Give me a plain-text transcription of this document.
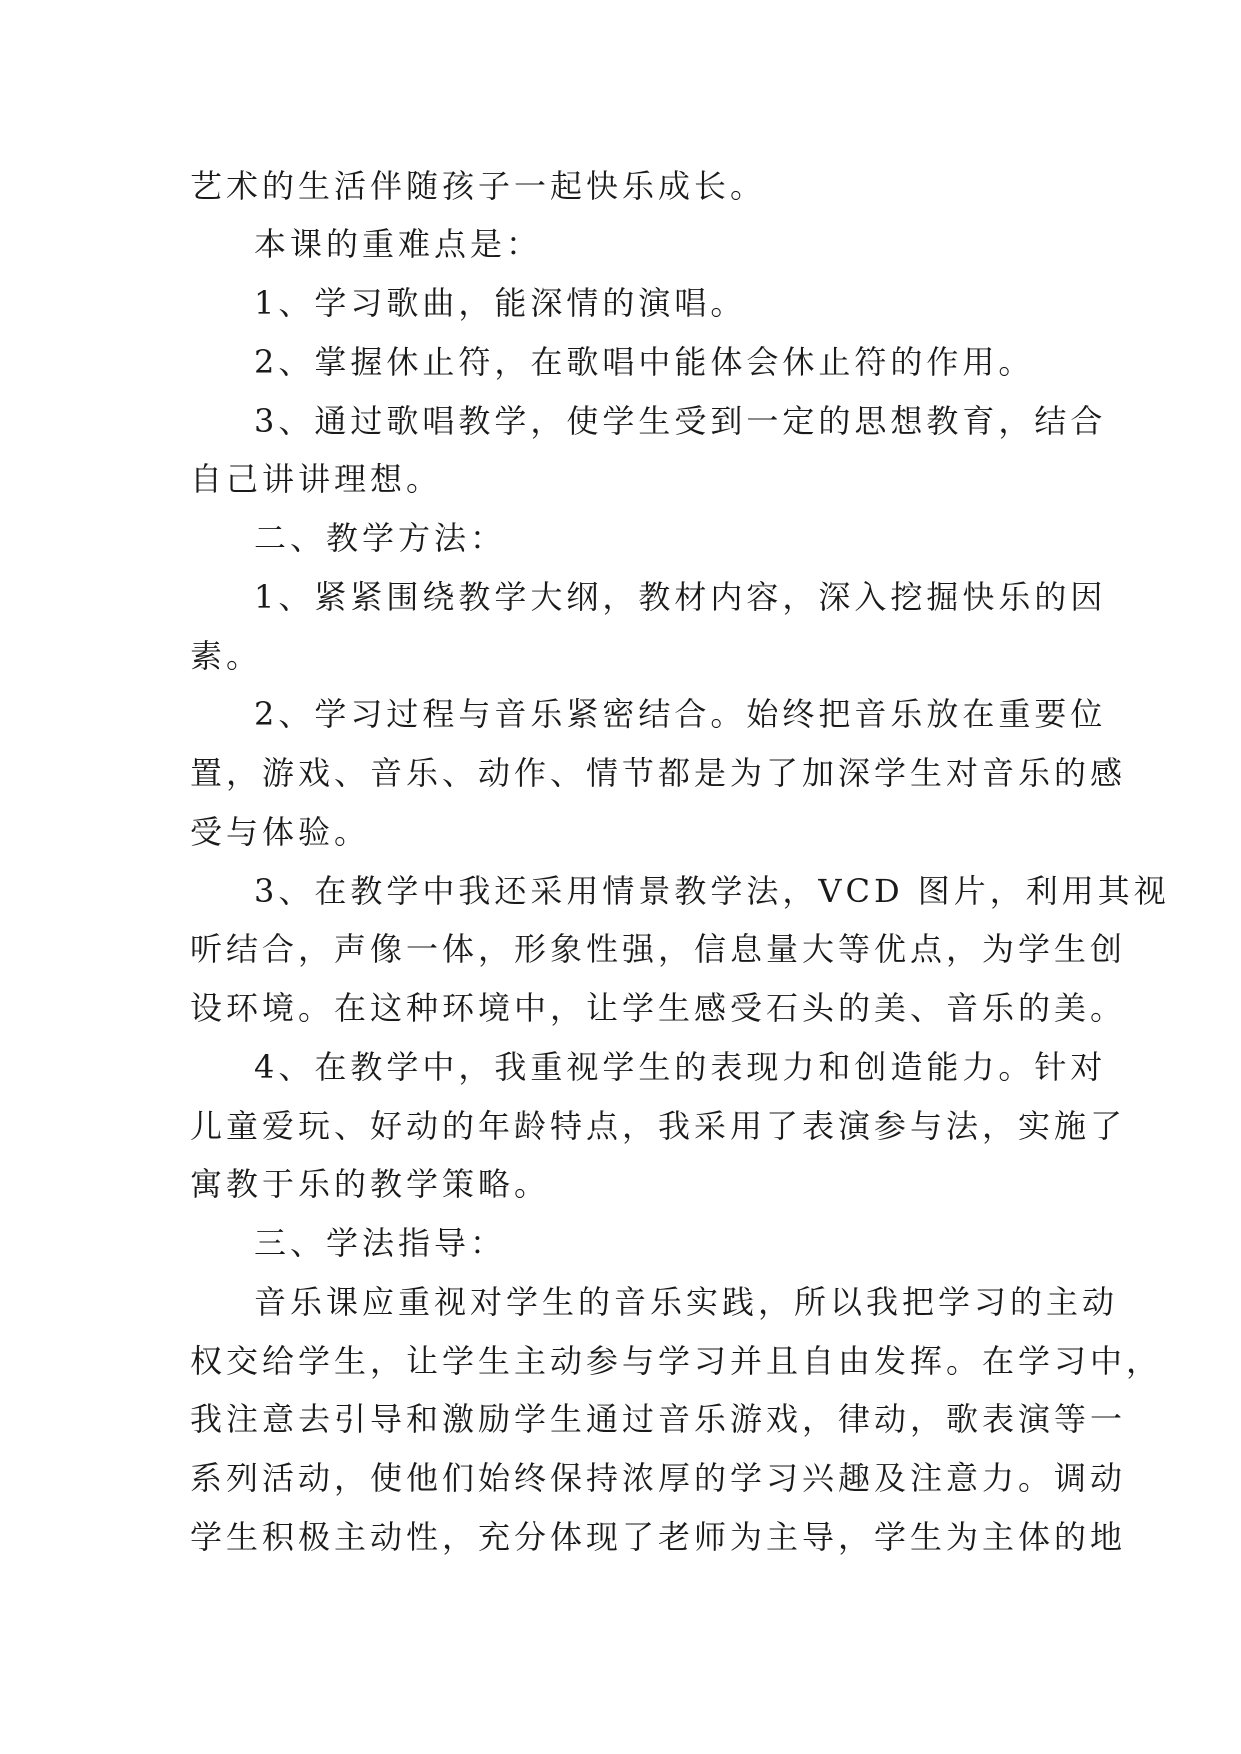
艺术的生活伴随孩子一起快乐成长。
本课的重难点是：
1、学习歌曲，能深情的演唱。
2、掌握休止符，在歌唱中能体会休止符的作用。
3、通过歌唱教学，使学生受到一定的思想教育，结合
自己讲讲理想。
二、教学方法：
1、紧紧围绕教学大纲，教材内容，深入挖掘快乐的因
素。
2、学习过程与音乐紧密结合。始终把音乐放在重要位
置，游戏、音乐、动作、情节都是为了加深学生对音乐的感
受与体验。
3、在教学中我还采用情景教学法，VCD 图片，利用其视
听结合，声像一体，形象性强，信息量大等优点，为学生创
设环境。在这种环境中，让学生感受石头的美、音乐的美。
4、在教学中，我重视学生的表现力和创造能力。针对
儿童爱玩、好动的年龄特点，我采用了表演参与法，实施了
寓教于乐的教学策略。
三、学法指导：
音乐课应重视对学生的音乐实践，所以我把学习的主动
权交给学生，让学生主动参与学习并且自由发挥。在学习中，
我注意去引导和激励学生通过音乐游戏，律动，歌表演等一
系列活动，使他们始终保持浓厚的学习兴趣及注意力。调动
学生积极主动性，充分体现了老师为主导，学生为主体的地
